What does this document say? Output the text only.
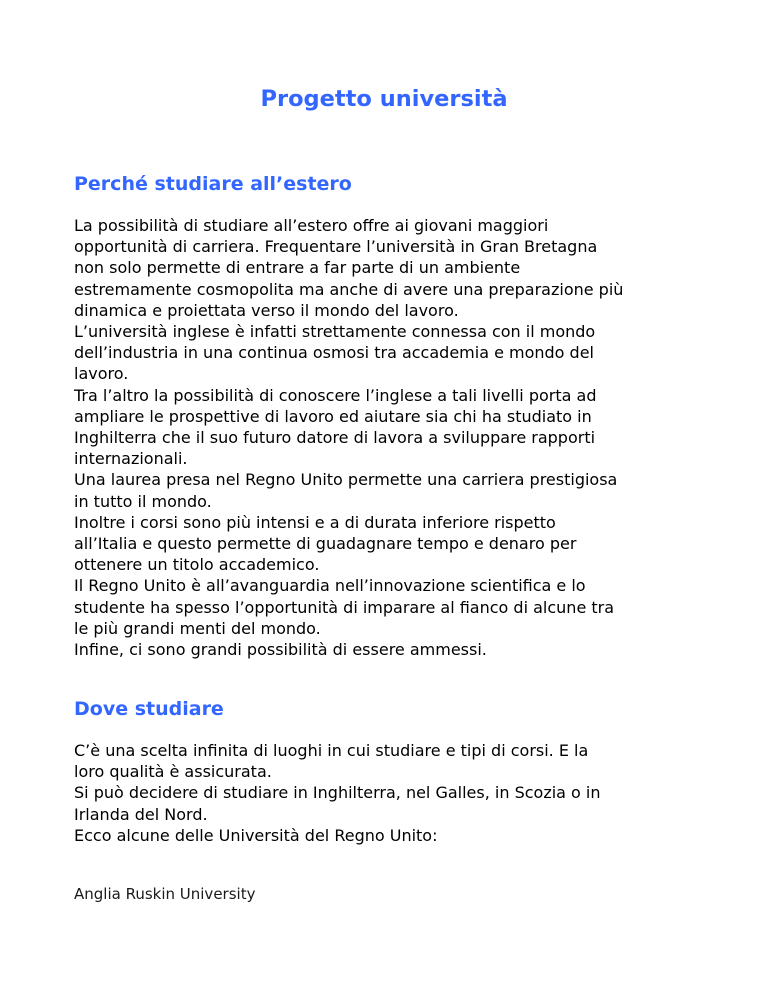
Progetto università
Perché studiare all’estero
La possibilità di studiare all’estero offre ai giovani maggiori
opportunità di carriera. Frequentare l’università in Gran Bretagna
non solo permette di entrare a far parte di un ambiente
estremamente cosmopolita ma anche di avere una preparazione più
dinamica e proiettata verso il mondo del lavoro.
L’università inglese è infatti strettamente connessa con il mondo
dell’industria in una continua osmosi tra accademia e mondo del
lavoro.
Tra l’altro la possibilità di conoscere l’inglese a tali livelli porta ad
ampliare le prospettive di lavoro ed aiutare sia chi ha studiato in
Inghilterra che il suo futuro datore di lavora a sviluppare rapporti
internazionali.
Una laurea presa nel Regno Unito permette una carriera prestigiosa
in tutto il mondo.
Inoltre i corsi sono più intensi e a di durata inferiore rispetto
all’Italia e questo permette di guadagnare tempo e denaro per
ottenere un titolo accademico.
Il Regno Unito è all’avanguardia nell’innovazione scientifica e lo
studente ha spesso l’opportunità di imparare al fianco di alcune tra
le più grandi menti del mondo.
Infine, ci sono grandi possibilità di essere ammessi.
Dove studiare
C’è una scelta infinita di luoghi in cui studiare e tipi di corsi. E la
loro qualità è assicurata.
Si può decidere di studiare in Inghilterra, nel Galles, in Scozia o in
Irlanda del Nord.
Ecco alcune delle Università del Regno Unito:
Anglia Ruskin University
